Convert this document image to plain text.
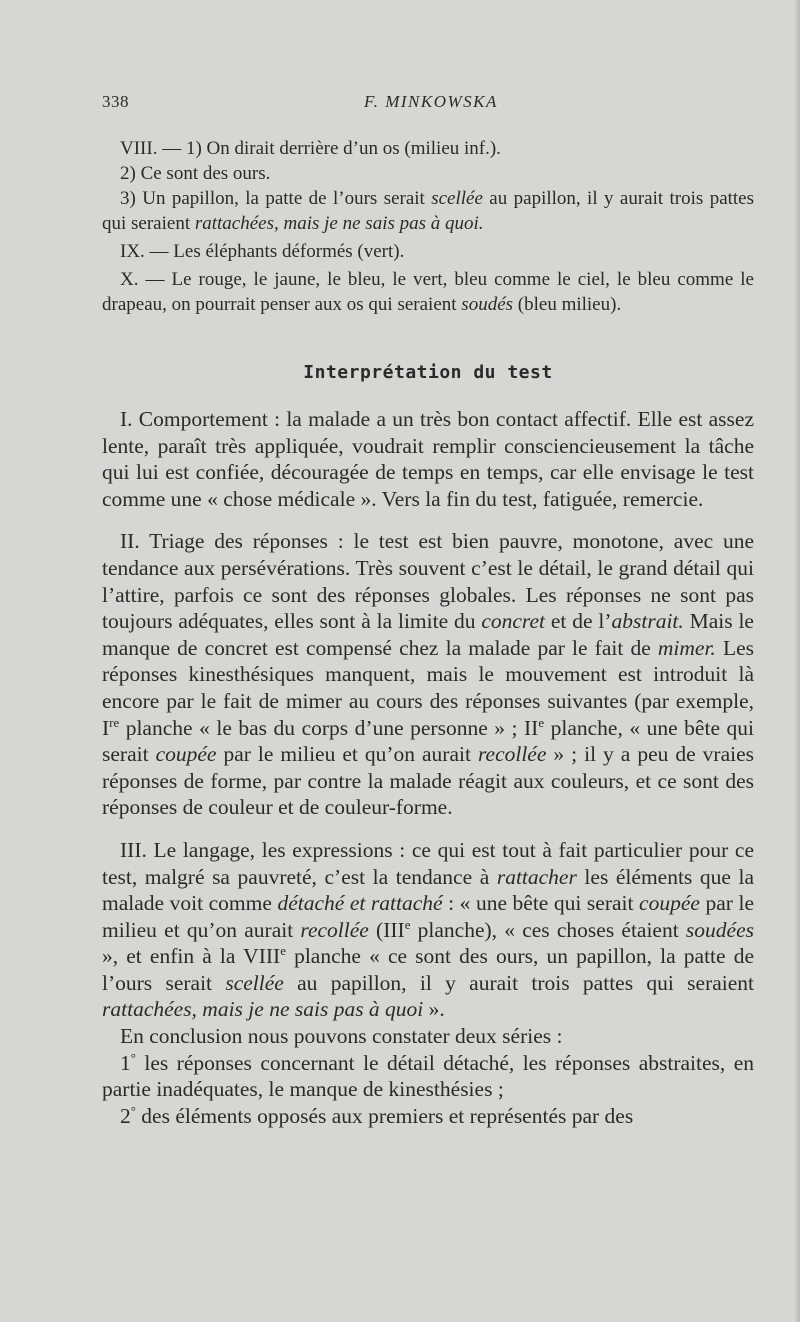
338	F. MINKOWSKA

VIII. — 1) On dirait derrière d’un os (milieu inf.).

2) Ce sont des ours.

3) Un papillon, la patte de l’ours serait scellée au papillon, il y aurait trois pattes qui seraient rattachées, mais je ne sais pas à quoi.

IX. — Les éléphants déformés (vert).

X. — Le rouge, le jaune, le bleu, le vert, bleu comme le ciel, le bleu comme le drapeau, on pourrait penser aux os qui seraient soudés (bleu milieu).

Interprétation du test

I. Comportement : la malade a un très bon contact affectif. Elle est assez lente, paraît très appliquée, voudrait remplir consciencieusement la tâche qui lui est confiée, découragée de temps en temps, car elle envisage le test comme une « chose médicale ». Vers la fin du test, fatiguée, remercie.

II. Triage des réponses : le test est bien pauvre, monotone, avec une tendance aux persévérations. Très souvent c’est le détail, le grand détail qui l’attire, parfois ce sont des réponses globales. Les réponses ne sont pas toujours adéquates, elles sont à la limite du concret et de l’abstrait. Mais le manque de concret est compensé chez la malade par le fait de mimer. Les réponses kinesthésiques manquent, mais le mouvement est introduit là encore par le fait de mimer au cours des réponses suivantes (par exemple, Ire planche « le bas du corps d’une personne » ; IIe planche, « une bête qui serait coupée par le milieu et qu’on aurait recollée » ; il y a peu de vraies réponses de forme, par contre la malade réagit aux couleurs, et ce sont des réponses de couleur et de couleur-forme.

III. Le langage, les expressions : ce qui est tout à fait particulier pour ce test, malgré sa pauvreté, c’est la tendance à rattacher les éléments que la malade voit comme détaché et rattaché : « une bête qui serait coupée par le milieu et qu’on aurait recollée (IIIe planche), « ces choses étaient soudées », et enfin à la VIIIe planche « ce sont des ours, un papillon, la patte de l’ours serait scellée au papillon, il y aurait trois pattes qui seraient rattachées, mais je ne sais pas à quoi ».

En conclusion nous pouvons constater deux séries :

1° les réponses concernant le détail détaché, les réponses abstraites, en partie inadéquates, le manque de kinesthésies ;

2° des éléments opposés aux premiers et représentés par des
